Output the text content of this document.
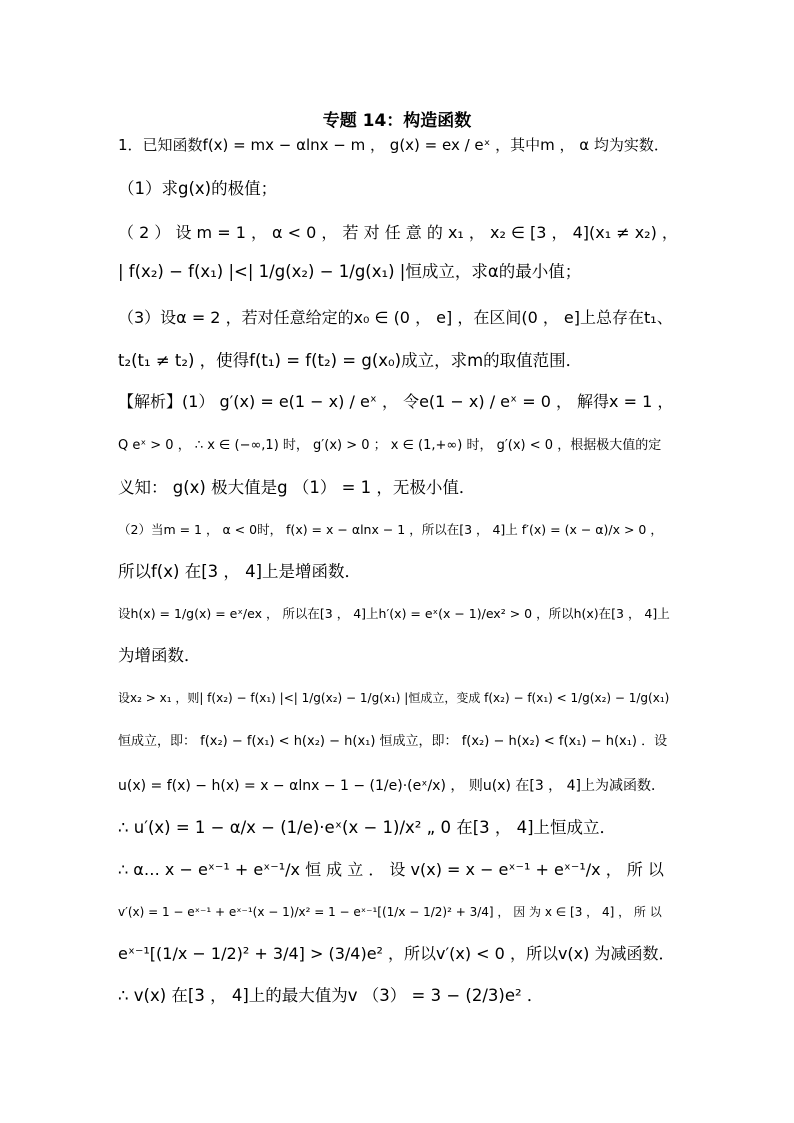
专题 14：构造函数
1．已知函数f(x) = mx − αlnx − m ， g(x) = ex / eˣ ，其中m ， α 均为实数．
（1）求g(x)的极值；
（ 2 ） 设 m = 1 ， α < 0 ， 若 对 任 意 的 x₁ ， x₂ ∈ [3 ， 4](x₁ ≠ x₂) ，
| f(x₂) − f(x₁) |<| 1/g(x₂) − 1/g(x₁) |恒成立，求α的最小值；
（3）设α = 2 ，若对任意给定的x₀ ∈ (0 ， e] ，在区间(0 ， e]上总存在t₁、
t₂(t₁ ≠ t₂) ，使得f(t₁) = f(t₂) = g(x₀)成立，求m的取值范围．
【解析】(1） g′(x) = e(1 − x) / eˣ ， 令e(1 − x) / eˣ = 0 ， 解得x = 1 ，
Q eˣ > 0 ， ∴ x ∈ (−∞,1) 时， g′(x) > 0 ； x ∈ (1,+∞) 时， g′(x) < 0 ，根据极大值的定
义知： g(x) 极大值是g （1） = 1 ，无极小值．
（2）当m = 1 ， α < 0时， f(x) = x − αlnx − 1 ，所以在[3 ， 4]上 f′(x) = (x − α)/x > 0 ，
所以f(x) 在[3 ， 4]上是增函数．
设h(x) = 1/g(x) = eˣ/ex ， 所以在[3 ， 4]上h′(x) = eˣ(x − 1)/ex² > 0 ，所以h(x)在[3 ， 4]上
为增函数．
设x₂ > x₁ ，则| f(x₂) − f(x₁) |<| 1/g(x₂) − 1/g(x₁) |恒成立，变成 f(x₂) − f(x₁) < 1/g(x₂) − 1/g(x₁)
恒成立，即： f(x₂) − f(x₁) < h(x₂) − h(x₁) 恒成立，即： f(x₂) − h(x₂) < f(x₁) − h(x₁) ．设
u(x) = f(x) − h(x) = x − αlnx − 1 − (1/e)·(eˣ/x) ， 则u(x) 在[3 ， 4]上为减函数．
∴ u′(x) = 1 − α/x − (1/e)·eˣ(x − 1)/x² „ 0 在[3 ， 4]上恒成立．
∴ α… x − eˣ⁻¹ + eˣ⁻¹/x 恒 成 立 ． 设 v(x) = x − eˣ⁻¹ + eˣ⁻¹/x ， 所 以
v′(x) = 1 − eˣ⁻¹ + eˣ⁻¹(x − 1)/x² = 1 − eˣ⁻¹[(1/x − 1/2)² + 3/4] ， 因 为 x ∈ [3 ， 4] ， 所 以
eˣ⁻¹[(1/x − 1/2)² + 3/4] > (3/4)e² ，所以v′(x) < 0 ，所以v(x) 为减函数．
∴ v(x) 在[3 ， 4]上的最大值为v （3） = 3 − (2/3)e² ．
